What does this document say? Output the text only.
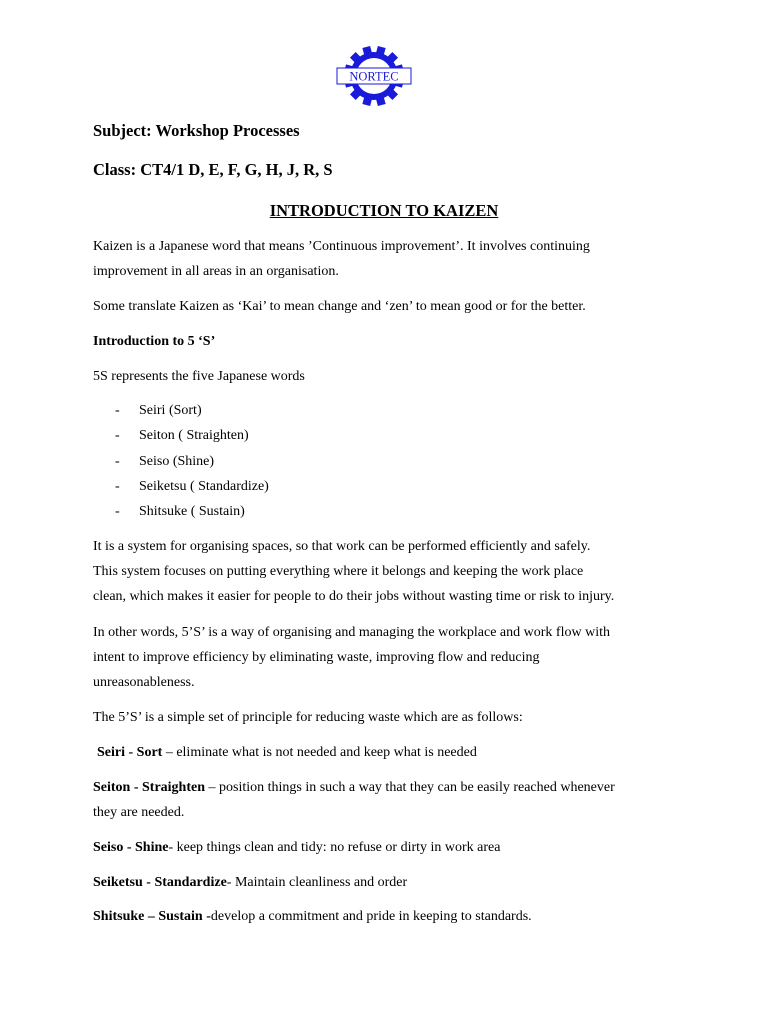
NORTEC

Subject: Workshop Processes

Class: CT4/1 D, E, F, G, H, J, R, S

INTRODUCTION TO KAIZEN

Kaizen is a Japanese word that means ’Continuous improvement’. It involves continuing
improvement in all areas in an organisation.
Some translate Kaizen as ‘Kai’ to mean change and ‘zen’ to mean good or for the better.
Introduction to 5 ‘S’
5S represents the five Japanese words
- Seiri (Sort)
- Seiton ( Straighten)
- Seiso (Shine)
- Seiketsu ( Standardize)
- Shitsuke ( Sustain)
It is a system for organising spaces, so that work can be performed efficiently and safely.
This system focuses on putting everything where it belongs and keeping the work place
clean, which makes it easier for people to do their jobs without wasting time or risk to injury.
In other words, 5’S’ is a way of organising and managing the workplace and work flow with
intent to improve efficiency by eliminating waste, improving flow and reducing
unreasonableness.
The 5’S’ is a simple set of principle for reducing waste which are as follows:
Seiri - Sort – eliminate what is not needed and keep what is needed
Seiton - Straighten – position things in such a way that they can be easily reached whenever
they are needed.
Seiso - Shine- keep things clean and tidy: no refuse or dirty in work area
Seiketsu - Standardize- Maintain cleanliness and order
Shitsuke – Sustain -develop a commitment and pride in keeping to standards.
